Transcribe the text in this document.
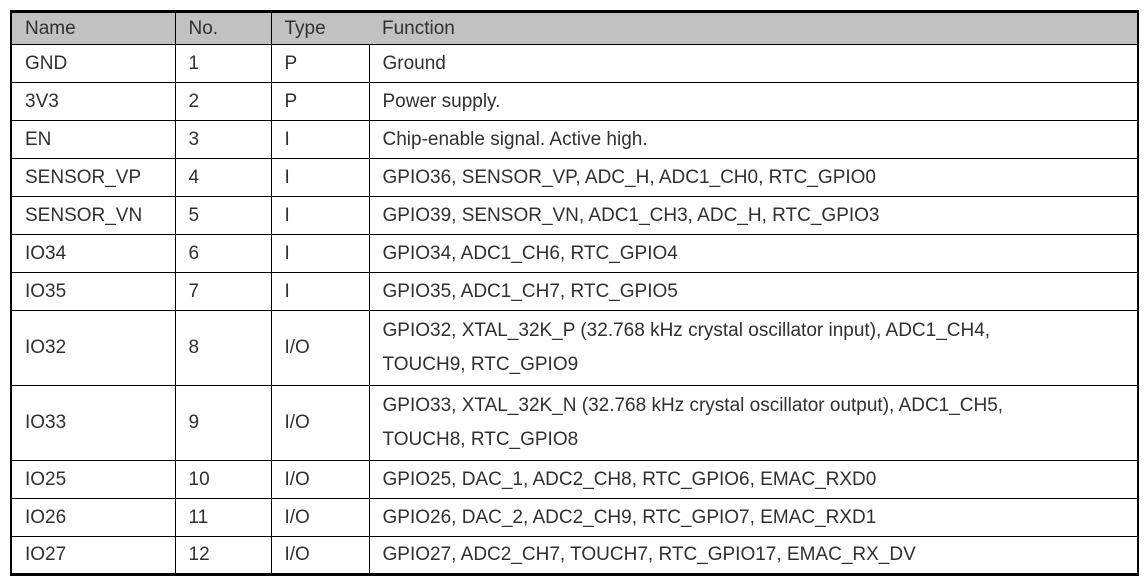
Name	No.	Type	Function
GND	1	P	Ground

3V3	2	P	Power supply.

EN	3	I	Chip-enable signal. Active high.

SENSOR_VP	4	I	GPIO36, SENSOR_VP, ADC_H, ADC1_CH0, RTC_GPIO0

SENSOR_VN	5	I	GPIO39, SENSOR_VN, ADC1_CH3, ADC_H, RTC_GPIO3

IO34	6	I	GPIO34, ADC1_CH6, RTC_GPIO4

IO35	7	I	GPIO35, ADC1_CH7, RTC_GPIO5

IO32	8	I/O	GPIO32, XTAL_32K_P (32.768 kHz crystal oscillator input), ADC1_CH4,
TOUCH9, RTC_GPIO9

IO33	9	I/O	GPIO33, XTAL_32K_N (32.768 kHz crystal oscillator output), ADC1_CH5,
TOUCH8, RTC_GPIO8

IO25	10	I/O	GPIO25, DAC_1, ADC2_CH8, RTC_GPIO6, EMAC_RXD0

IO26	11	I/O	GPIO26, DAC_2, ADC2_CH9, RTC_GPIO7, EMAC_RXD1

IO27	12	I/O	GPIO27, ADC2_CH7, TOUCH7, RTC_GPIO17, EMAC_RX_DV
